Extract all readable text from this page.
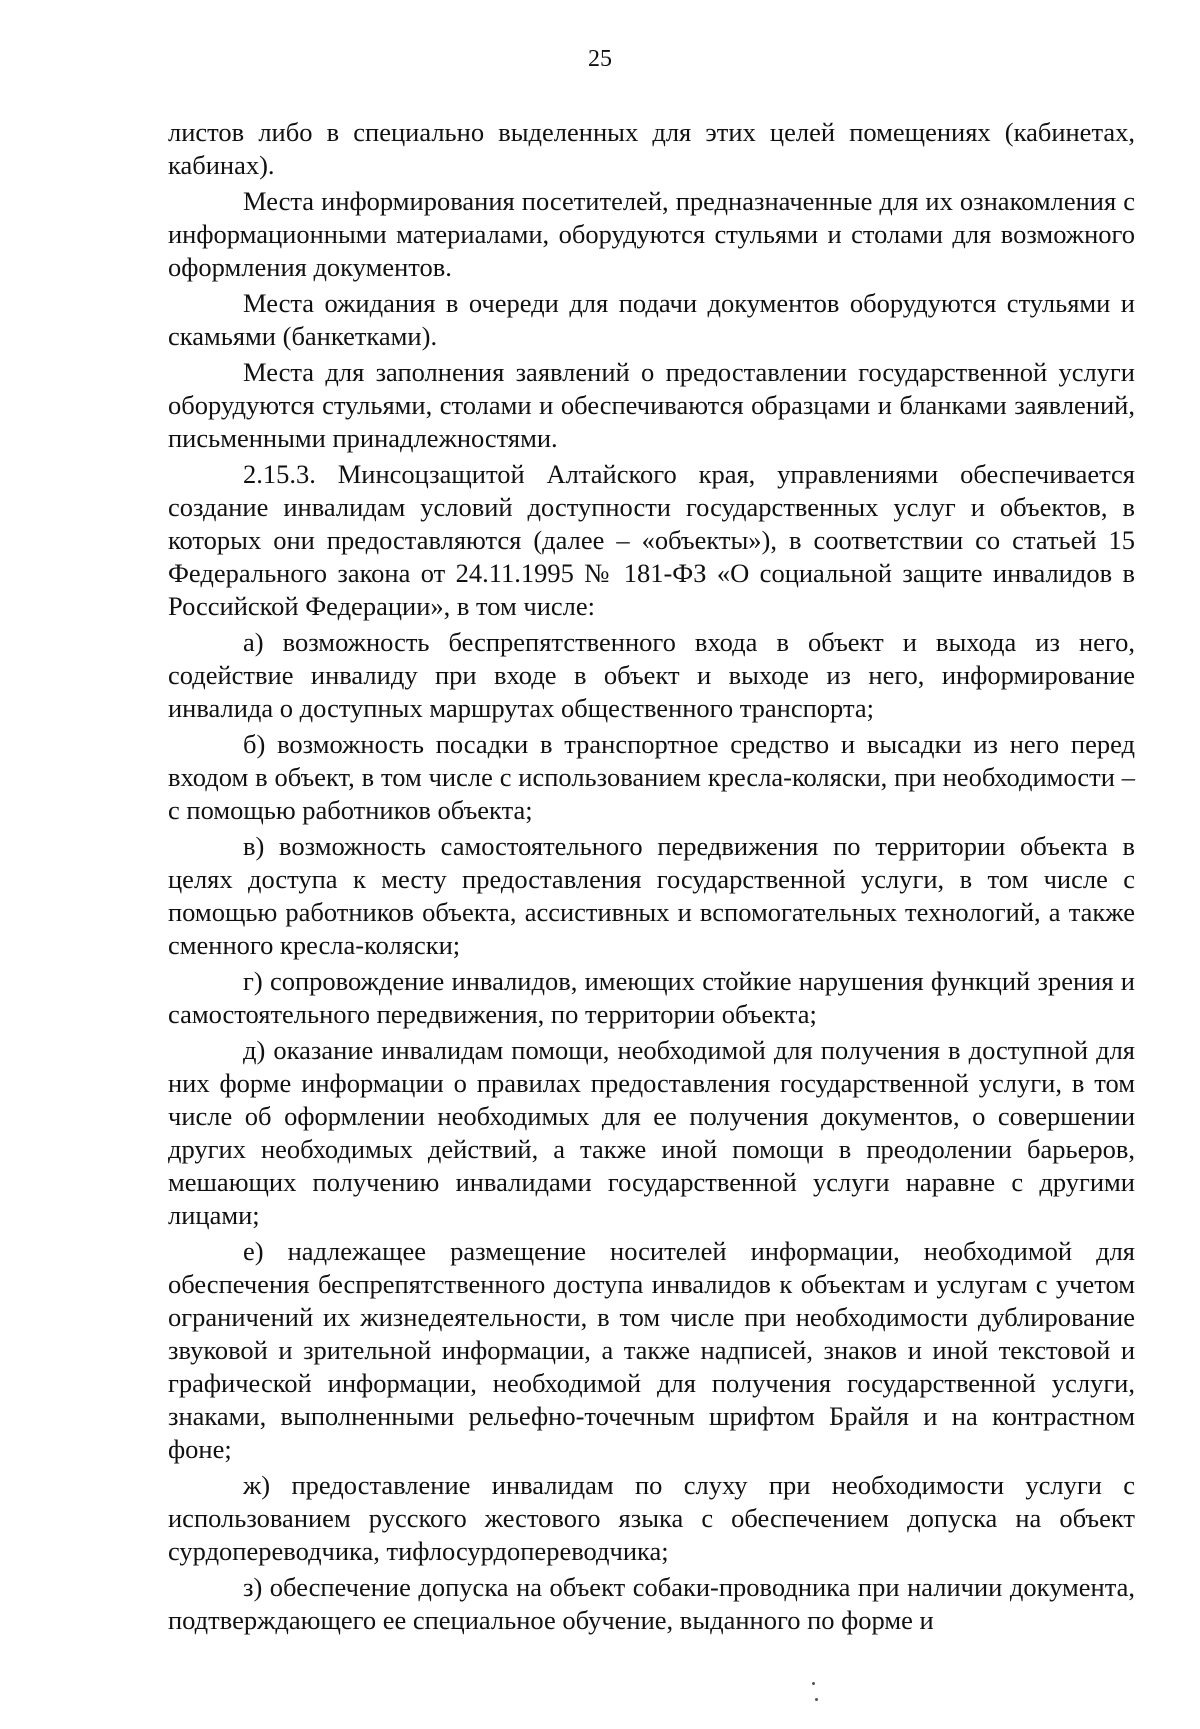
25

листов либо в специально выделенных для этих целей помещениях (кабинетах, кабинах).

Места информирования посетителей, предназначенные для их ознакомления с информационными материалами, оборудуются стульями и столами для возможного оформления документов.

Места ожидания в очереди для подачи документов оборудуются стульями и скамьями (банкетками).

Места для заполнения заявлений о предоставлении государственной услуги оборудуются стульями, столами и обеспечиваются образцами и бланками заявлений, письменными принадлежностями.

2.15.3. Минсоцзащитой Алтайского края, управлениями обеспечивается создание инвалидам условий доступности государственных услуг и объектов, в которых они предоставляются (далее – «объекты»), в соответствии со статьей 15 Федерального закона от 24.11.1995 № 181-ФЗ «О социальной защите инвалидов в Российской Федерации», в том числе:

а) возможность беспрепятственного входа в объект и выхода из него, содействие инвалиду при входе в объект и выходе из него, информирование инвалида о доступных маршрутах общественного транспорта;

б) возможность посадки в транспортное средство и высадки из него перед входом в объект, в том числе с использованием кресла-коляски, при необходимости – с помощью работников объекта;

в) возможность самостоятельного передвижения по территории объекта в целях доступа к месту предоставления государственной услуги, в том числе с помощью работников объекта, ассистивных и вспомогательных технологий, а также сменного кресла-коляски;

г) сопровождение инвалидов, имеющих стойкие нарушения функций зрения и самостоятельного передвижения, по территории объекта;

д) оказание инвалидам помощи, необходимой для получения в доступной для них форме информации о правилах предоставления государственной услуги, в том числе об оформлении необходимых для ее получения документов, о совершении других необходимых действий, а также иной помощи в преодолении барьеров, мешающих получению инвалидами государственной услуги наравне с другими лицами;

е) надлежащее размещение носителей информации, необходимой для обеспечения беспрепятственного доступа инвалидов к объектам и услугам с учетом ограничений их жизнедеятельности, в том числе при необходимости дублирование звуковой и зрительной информации, а также надписей, знаков и иной текстовой и графической информации, необходимой для получения государственной услуги, знаками, выполненными рельефно-точечным шрифтом Брайля и на контрастном фоне;

ж) предоставление инвалидам по слуху при необходимости услуги с использованием русского жестового языка с обеспечением допуска на объект сурдопереводчика, тифлосурдопереводчика;

з) обеспечение допуска на объект собаки-проводника при наличии документа, подтверждающего ее специальное обучение, выданного по форме и
